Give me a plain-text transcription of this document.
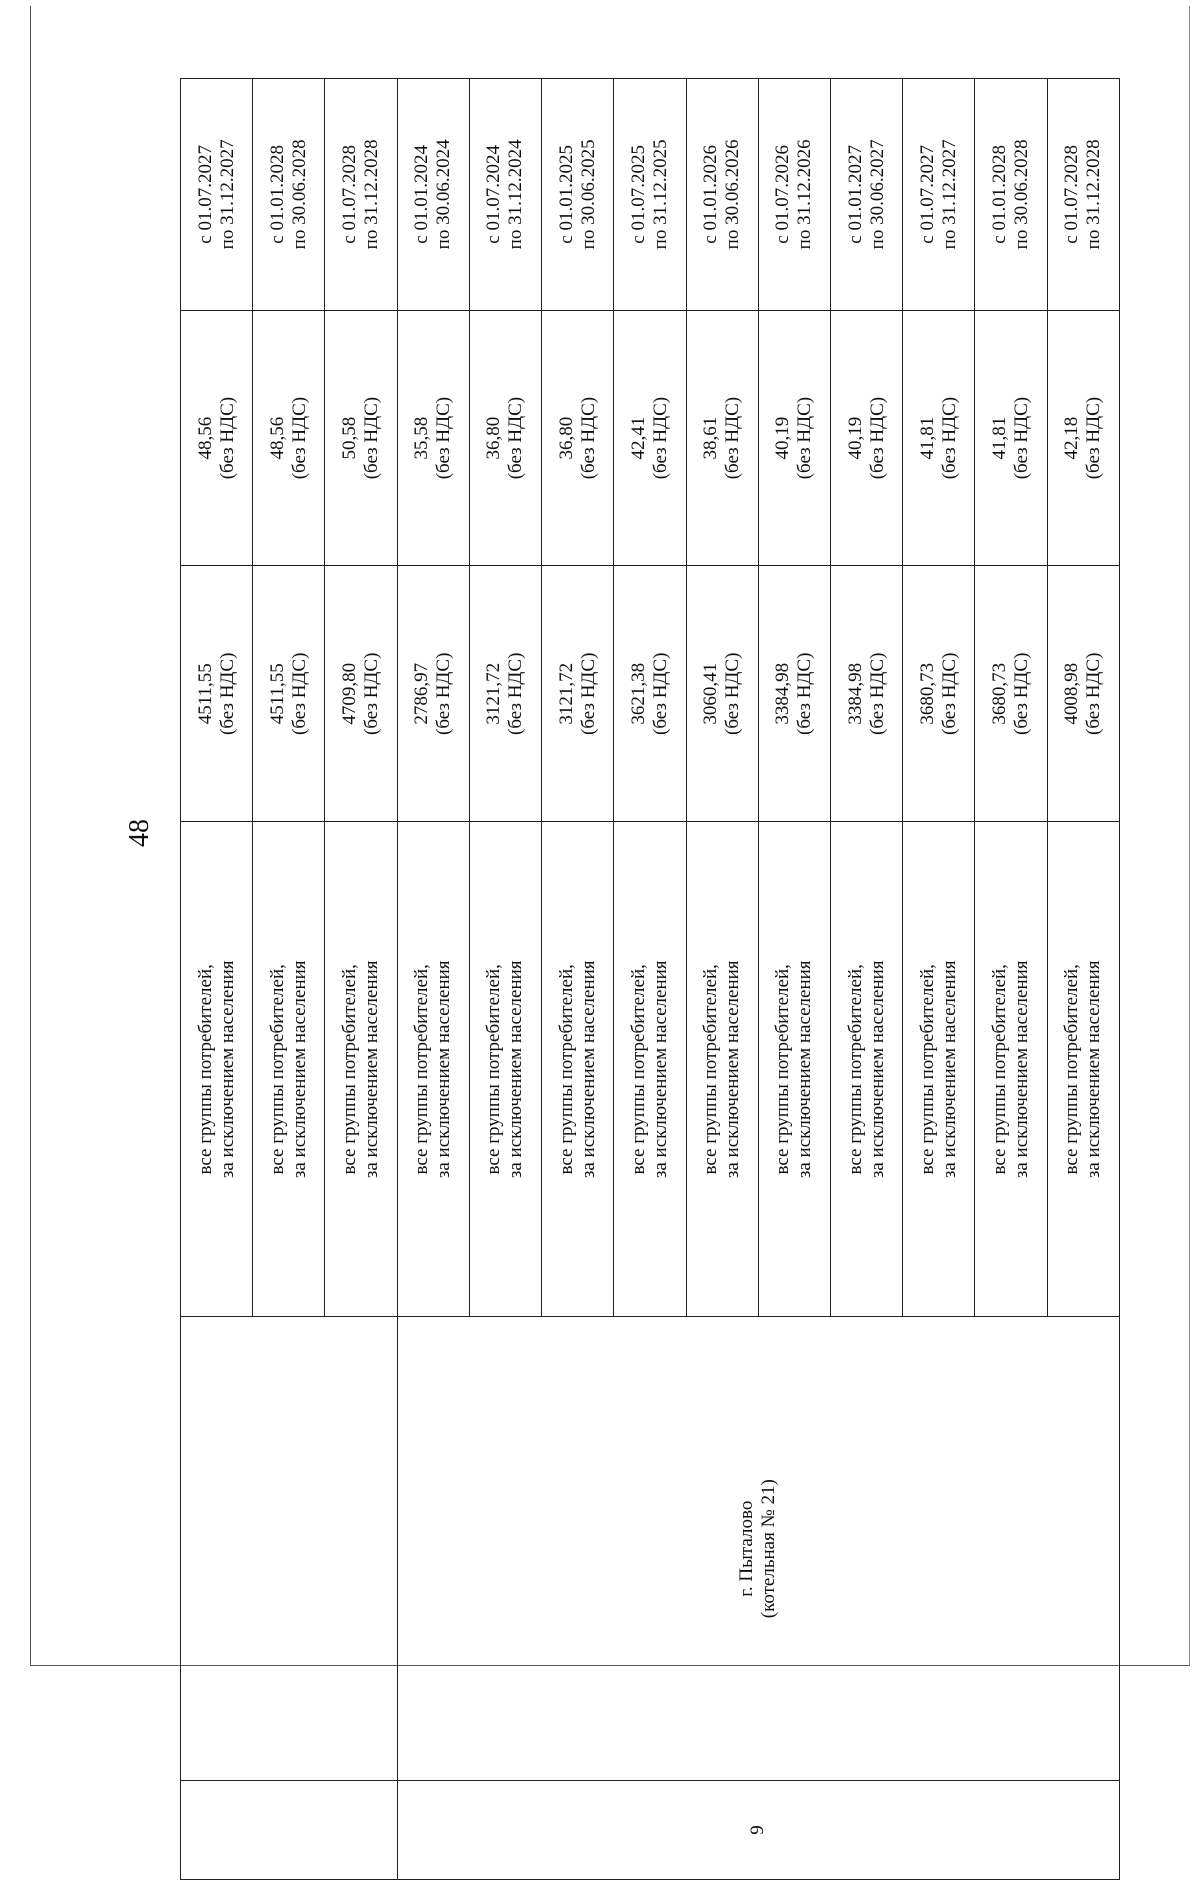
48

		все группы потребителей, за исключением населения	4511,55 (без НДС)	48,56 (без НДС)	с 01.07.2027 по 31.12.2027

		все группы потребителей, за исключением населения	4511,55 (без НДС)	48,56 (без НДС)	с 01.01.2028 по 30.06.2028

		все группы потребителей, за исключением населения	4709,80 (без НДС)	50,58 (без НДС)	с 01.07.2028 по 31.12.2028

9	г. Пыталово (котельная № 21)	все группы потребителей, за исключением населения	2786,97 (без НДС)	35,58 (без НДС)	с 01.01.2024 по 30.06.2024

		все группы потребителей, за исключением населения	3121,72 (без НДС)	36,80 (без НДС)	с 01.07.2024 по 31.12.2024

		все группы потребителей, за исключением населения	3121,72 (без НДС)	36,80 (без НДС)	с 01.01.2025 по 30.06.2025

		все группы потребителей, за исключением населения	3621,38 (без НДС)	42,41 (без НДС)	с 01.07.2025 по 31.12.2025

		все группы потребителей, за исключением населения	3060,41 (без НДС)	38,61 (без НДС)	с 01.01.2026 по 30.06.2026

		все группы потребителей, за исключением населения	3384,98 (без НДС)	40,19 (без НДС)	с 01.07.2026 по 31.12.2026

		все группы потребителей, за исключением населения	3384,98 (без НДС)	40,19 (без НДС)	с 01.01.2027 по 30.06.2027

		все группы потребителей, за исключением населения	3680,73 (без НДС)	41,81 (без НДС)	с 01.07.2027 по 31.12.2027

		все группы потребителей, за исключением населения	3680,73 (без НДС)	41,81 (без НДС)	с 01.01.2028 по 30.06.2028

		все группы потребителей, за исключением населения	4008,98 (без НДС)	42,18 (без НДС)	с 01.07.2028 по 31.12.2028
